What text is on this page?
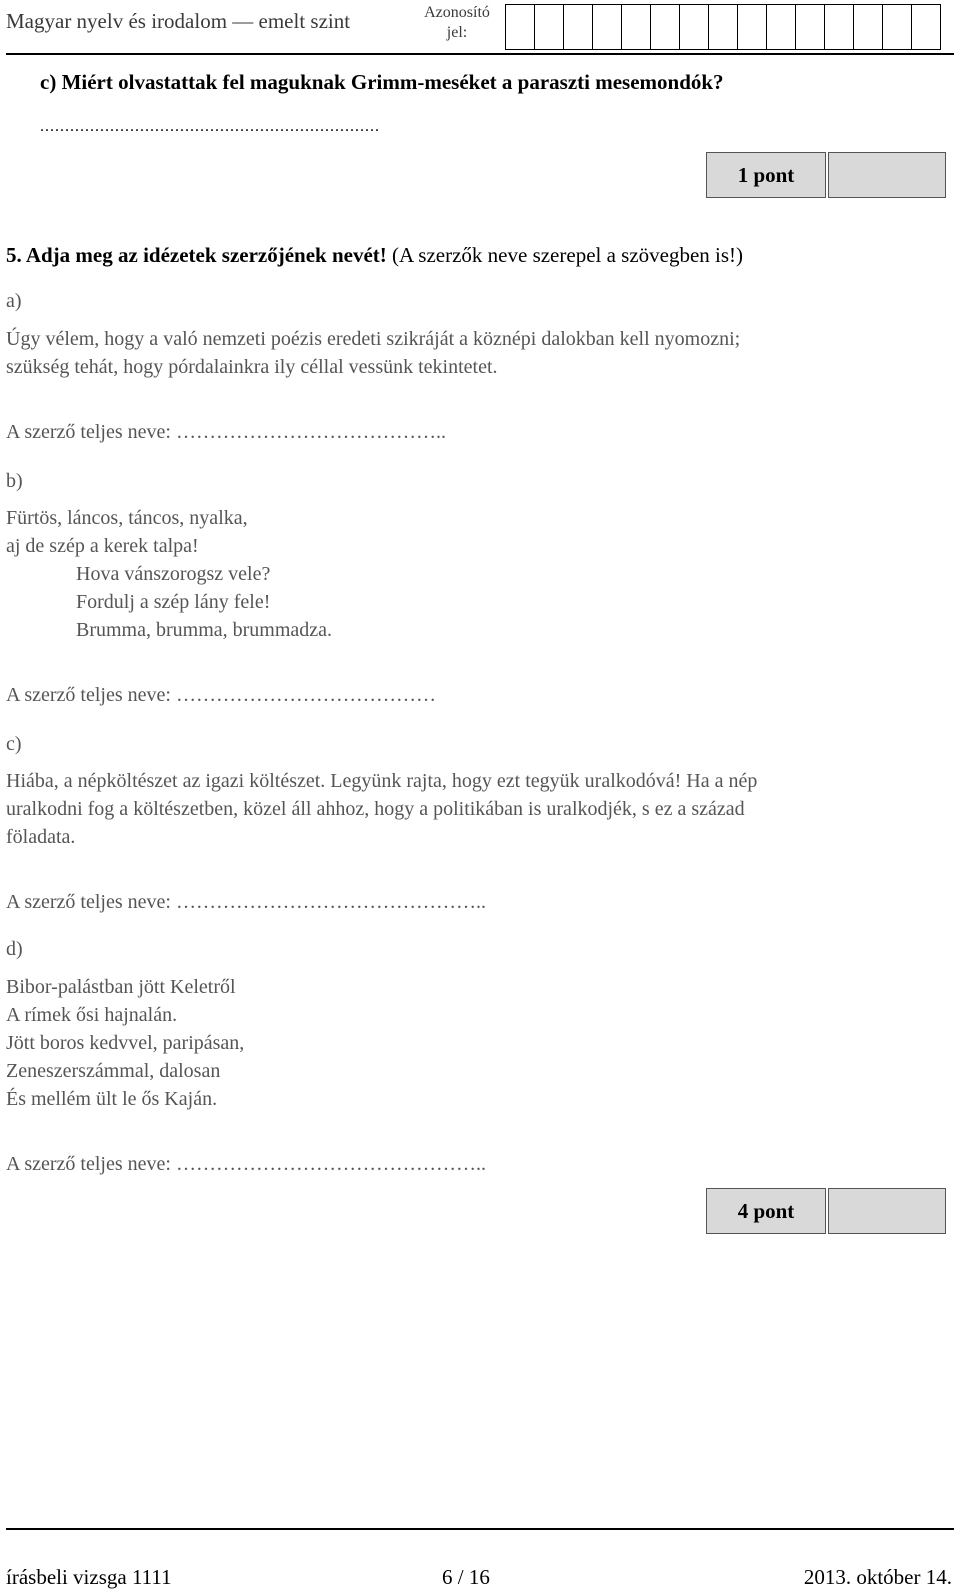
Magyar nyelv és irodalom — emelt szint	Azonosító jel:
c) Miért olvastattak fel maguknak Grimm-meséket a paraszti mesemondók?
....................................................................
1 pont
5. Adja meg az idézetek szerzőjének nevét! (A szerzők neve szerepel a szövegben is!)
a)
Úgy vélem, hogy a való nemzeti poézis eredeti szikráját a köznépi dalokban kell nyomozni;
szükség tehát, hogy pórdalainkra ily céllal vessünk tekintetet.
A szerző teljes neve: …………………………………..
b)
Fürtös, láncos, táncos, nyalka,
aj de szép a kerek talpa!
Hova vánszorogsz vele?
Fordulj a szép lány fele!
Brumma, brumma, brummadza.
A szerző teljes neve: …………………………………
c)
Hiába, a népköltészet az igazi költészet. Legyünk rajta, hogy ezt tegyük uralkodóvá! Ha a nép
uralkodni fog a költészetben, közel áll ahhoz, hogy a politikában is uralkodjék, s ez a század
föladata.
A szerző teljes neve: ………………………………………..
d)
Bibor-palástban jött Keletről
A rímek ősi hajnalán.
Jött boros kedvvel, paripásan,
Zeneszerszámmal, dalosan
És mellém ült le ős Kaján.
A szerző teljes neve: ………………………………………..
4 pont
írásbeli vizsga 1111	6 / 16	2013. október 14.
